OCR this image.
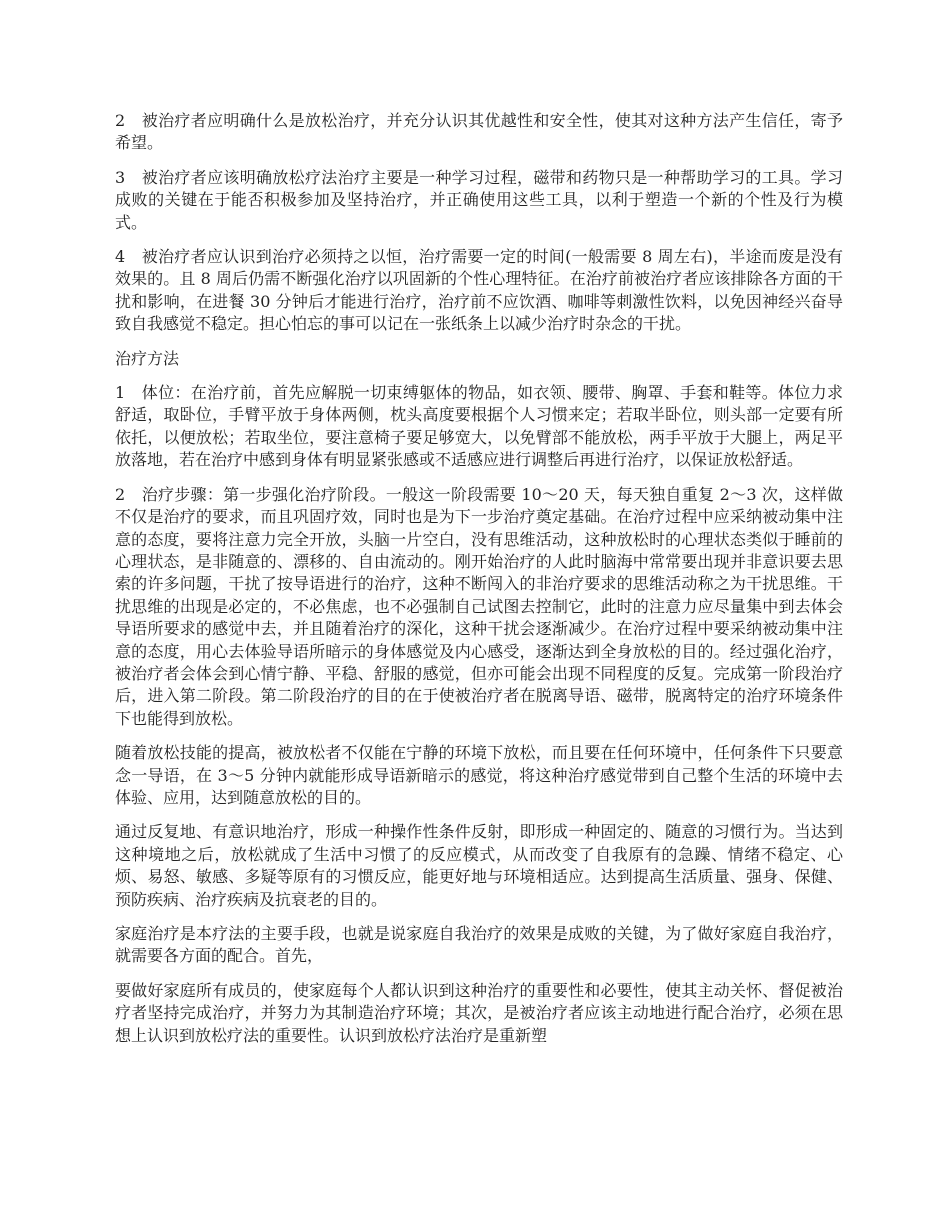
2　被治疗者应明确什么是放松治疗，并充分认识其优越性和安全性，使其对这种方法产生信任，寄予希望。

3　被治疗者应该明确放松疗法治疗主要是一种学习过程，磁带和药物只是一种帮助学习的工具。学习成败的关键在于能否积极参加及坚持治疗，并正确使用这些工具，以利于塑造一个新的个性及行为模式。

4　被治疗者应认识到治疗必须持之以恒，治疗需要一定的时间(一般需要 8 周左右)，半途而废是没有效果的。且 8 周后仍需不断强化治疗以巩固新的个性心理特征。在治疗前被治疗者应该排除各方面的干扰和影响，在进餐 30 分钟后才能进行治疗，治疗前不应饮酒、咖啡等刺激性饮料，以免因神经兴奋导致自我感觉不稳定。担心怕忘的事可以记在一张纸条上以减少治疗时杂念的干扰。

治疗方法

1　体位：在治疗前，首先应解脱一切束缚躯体的物品，如衣领、腰带、胸罩、手套和鞋等。体位力求舒适，取卧位，手臂平放于身体两侧，枕头高度要根据个人习惯来定；若取半卧位，则头部一定要有所依托，以便放松；若取坐位，要注意椅子要足够宽大，以免臂部不能放松，两手平放于大腿上，两足平放落地，若在治疗中感到身体有明显紧张感或不适感应进行调整后再进行治疗，以保证放松舒适。

2　治疗步骤：第一步强化治疗阶段。一般这一阶段需要 10～20 天，每天独自重复 2～3 次，这样做不仅是治疗的要求，而且巩固疗效，同时也是为下一步治疗奠定基础。在治疗过程中应采纳被动集中注意的态度，要将注意力完全开放，头脑一片空白，没有思维活动，这种放松时的心理状态类似于睡前的心理状态，是非随意的、漂移的、自由流动的。刚开始治疗的人此时脑海中常常要出现并非意识要去思索的许多问题，干扰了按导语进行的治疗，这种不断闯入的非治疗要求的思维活动称之为干扰思维。干扰思维的出现是必定的，不必焦虑，也不必强制自己试图去控制它，此时的注意力应尽量集中到去体会导语所要求的感觉中去，并且随着治疗的深化，这种干扰会逐渐减少。在治疗过程中要采纳被动集中注意的态度，用心去体验导语所暗示的身体感觉及内心感受，逐渐达到全身放松的目的。经过强化治疗，被治疗者会体会到心情宁静、平稳、舒服的感觉，但亦可能会出现不同程度的反复。完成第一阶段治疗后，进入第二阶段。第二阶段治疗的目的在于使被治疗者在脱离导语、磁带，脱离特定的治疗环境条件下也能得到放松。

随着放松技能的提高，被放松者不仅能在宁静的环境下放松，而且要在任何环境中，任何条件下只要意念一导语，在 3～5 分钟内就能形成导语新暗示的感觉，将这种治疗感觉带到自己整个生活的环境中去体验、应用，达到随意放松的目的。

通过反复地、有意识地治疗，形成一种操作性条件反射，即形成一种固定的、随意的习惯行为。当达到这种境地之后，放松就成了生活中习惯了的反应模式，从而改变了自我原有的急躁、情绪不稳定、心烦、易怒、敏感、多疑等原有的习惯反应，能更好地与环境相适应。达到提高生活质量、强身、保健、预防疾病、治疗疾病及抗衰老的目的。

家庭治疗是本疗法的主要手段，也就是说家庭自我治疗的效果是成败的关键，为了做好家庭自我治疗，就需要各方面的配合。首先，

要做好家庭所有成员的，使家庭每个人都认识到这种治疗的重要性和必要性，使其主动关怀、督促被治疗者坚持完成治疗，并努力为其制造治疗环境；其次，是被治疗者应该主动地进行配合治疗，必须在思想上认识到放松疗法的重要性。认识到放松疗法治疗是重新塑
